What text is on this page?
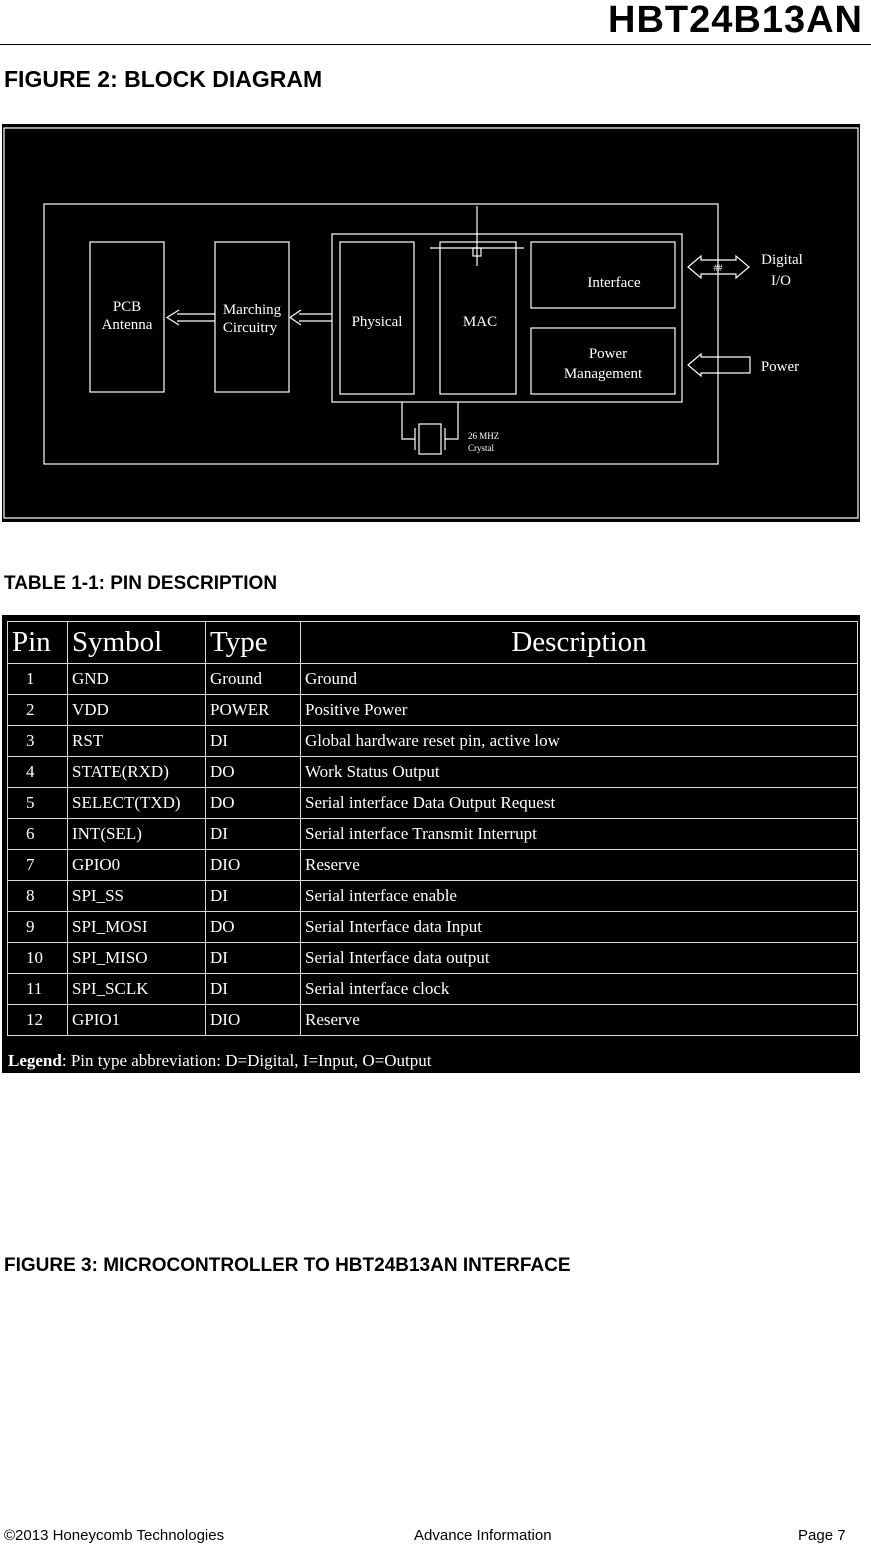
HBT24B13AN
FIGURE 2: BLOCK DIAGRAM
PCB
Antenna
Marching
Circuitry	Physical	MAC
Interface
Power
Management
##	Digital
I/O
Power
26 MHZ
Crystal
TABLE 1-1: PIN DESCRIPTION
Pin	Symbol	Type	Description
1	GND	Ground	Ground
2	VDD	POWER	Positive Power
3	RST	DI	Global hardware reset pin, active low
4	STATE(RXD)	DO	Work Status Output
5	SELECT(TXD)	DO	Serial interface Data Output Request
6	INT(SEL)	DI	Serial interface Transmit Interrupt
7	GPIO0	DIO	Reserve
8	SPI_SS	DI	Serial interface enable
9	SPI_MOSI	DO	Serial Interface data Input
10	SPI_MISO	DI	Serial Interface data output
11	SPI_SCLK	DI	Serial interface clock
12	GPIO1	DIO	Reserve
Legend: Pin type abbreviation: D=Digital, I=Input, O=Output
FIGURE 3: MICROCONTROLLER TO HBT24B13AN INTERFACE
©2013 Honeycomb Technologies	Advance Information	Page 7
